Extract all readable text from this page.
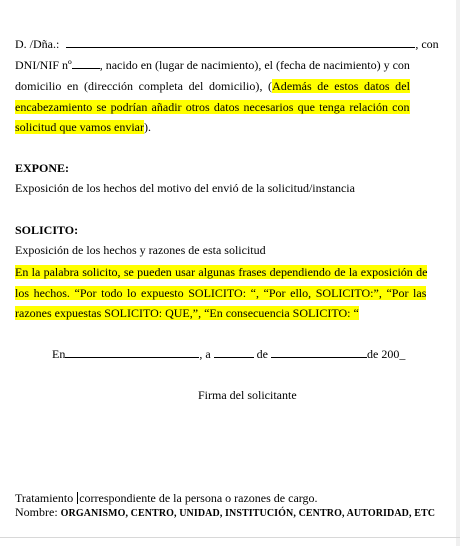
D. /Dña.:	, con
DNI/NIF nº , nacido en (lugar de nacimiento), el (fecha de nacimiento) y con
domicilio en (dirección completa del domicilio), (Además de estos datos del
encabezamiento se podrían añadir otros datos necesarios que tenga relación con
solicitud que vamos enviar).
EXPONE:
Exposición de los hechos del motivo del envió de la solicitud/instancia
SOLICITO:
Exposición de los hechos y razones de esta solicitud
En la palabra solicito, se pueden usar algunas frases dependiendo de la exposición de
los hechos. “Por todo lo expuesto SOLICITO: “, “Por ello, SOLICITO:”, “Por las
razones expuestas SOLICITO: QUE,”, “En consecuencia SOLICITO: “
En	, a	de	de 200_
Firma del solicitante
Tratamiento correspondiente de la persona o razones de cargo.
Nombre: ORGANISMO, CENTRO, UNIDAD, INSTITUCIÓN, CENTRO, AUTORIDAD, ETC
